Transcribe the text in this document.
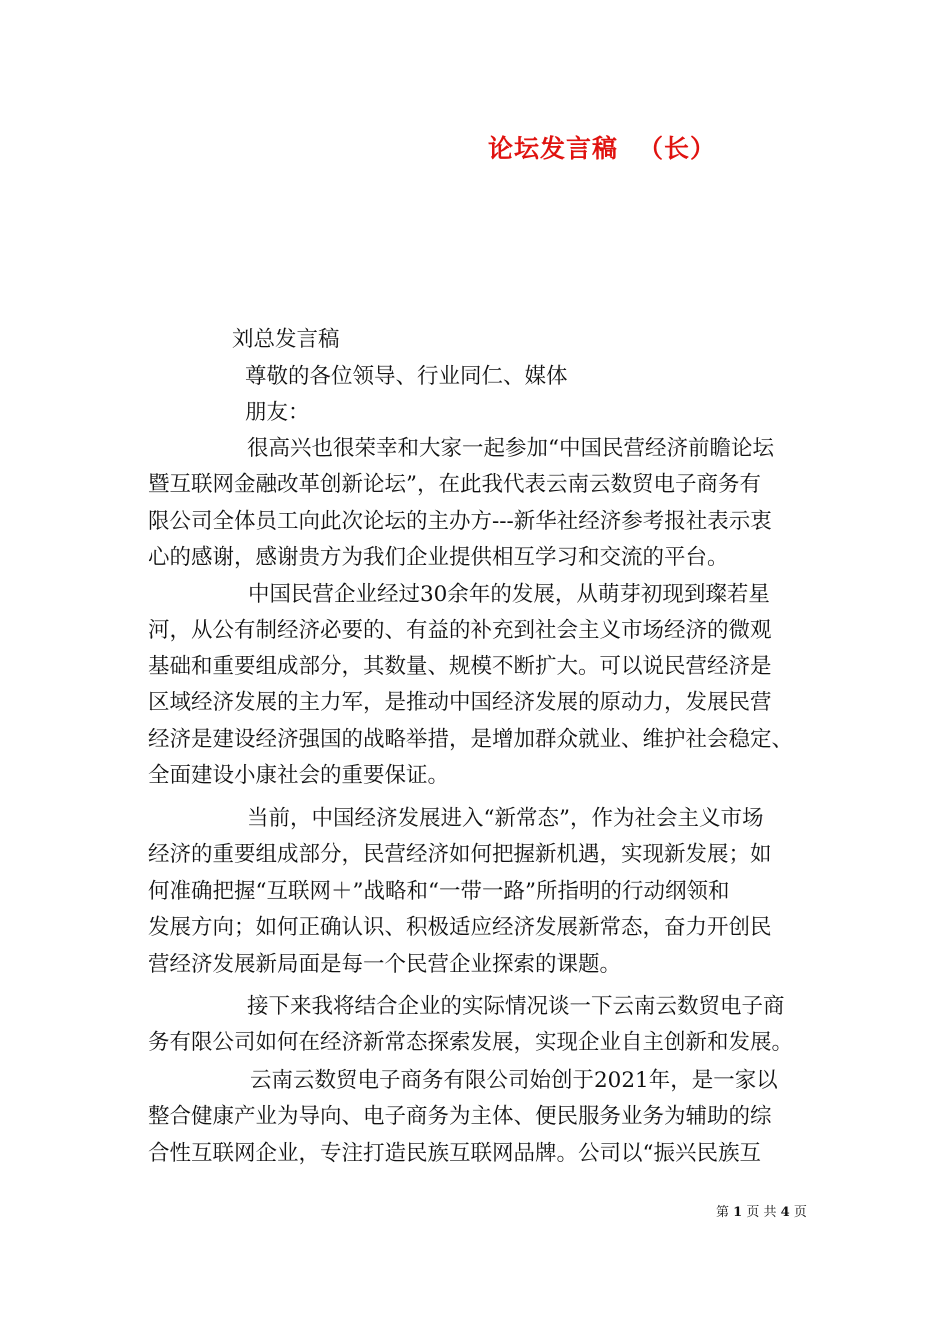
论坛发言稿 （长）
刘总发言稿
尊敬的各位领导、行业同仁、媒体
朋友：
很高兴也很荣幸和大家一起参加“中国民营经济前瞻论坛
暨互联网金融改革创新论坛”，在此我代表云南云数贸电子商务有
限公司全体员工向此次论坛的主办方---新华社经济参考报社表示衷
心的感谢，感谢贵方为我们企业提供相互学习和交流的平台。
中国民营企业经过30余年的发展，从萌芽初现到璨若星
河，从公有制经济必要的、有益的补充到社会主义市场经济的微观
基础和重要组成部分，其数量、规模不断扩大。可以说民营经济是
区域经济发展的主力军，是推动中国经济发展的原动力，发展民营
经济是建设经济强国的战略举措，是增加群众就业、维护社会稳定、
全面建设小康社会的重要保证。
当前，中国经济发展进入“新常态”，作为社会主义市场
经济的重要组成部分，民营经济如何把握新机遇，实现新发展；如
何准确把握“互联网＋”战略和“一带一路”所指明的行动纲领和
发展方向；如何正确认识、积极适应经济发展新常态，奋力开创民
营经济发展新局面是每一个民营企业探索的课题。
接下来我将结合企业的实际情况谈一下云南云数贸电子商
务有限公司如何在经济新常态探索发展，实现企业自主创新和发展。
云南云数贸电子商务有限公司始创于2021年，是一家以
整合健康产业为导向、电子商务为主体、便民服务业务为辅助的综
合性互联网企业，专注打造民族互联网品牌。公司以“振兴民族互
第 1 页 共 4 页
